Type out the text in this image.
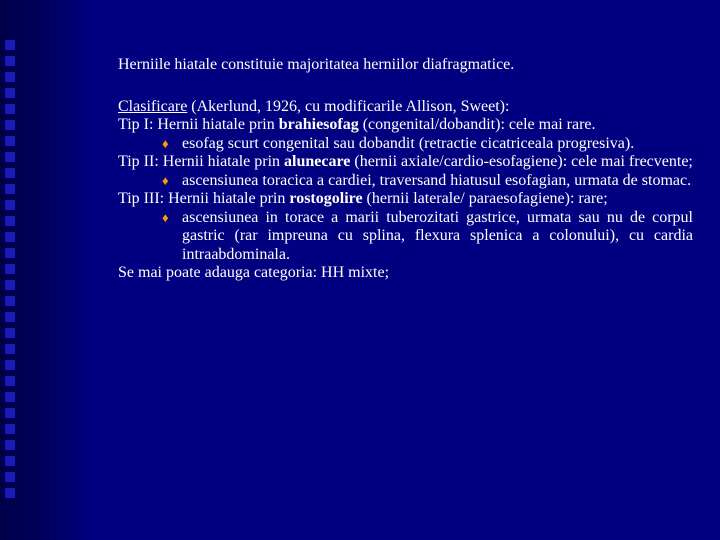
Herniile hiatale constituie majoritatea herniilor diafragmatice.

Clasificare (Akerlund, 1926, cu modificarile Allison, Sweet):

Tip I: Hernii hiatale prin brahiesofag (congenital/dobandit): cele mai rare.

♦ esofag scurt congenital sau dobandit (retractie cicatriceala progresiva).

Tip II: Hernii hiatale prin alunecare (hernii axiale/cardio-esofagiene): cele mai frecvente;

♦ ascensiunea toracica a cardiei, traversand hiatusul esofagian, urmata de stomac.

Tip III: Hernii hiatale prin rostogolire (hernii laterale/ paraesofagiene): rare;

♦ ascensiunea in torace a marii tuberozitati gastrice, urmata sau nu de corpul gastric (rar impreuna cu splina, flexura splenica a colonului), cu cardia intraabdominala.

Se mai poate adauga categoria: HH mixte;
